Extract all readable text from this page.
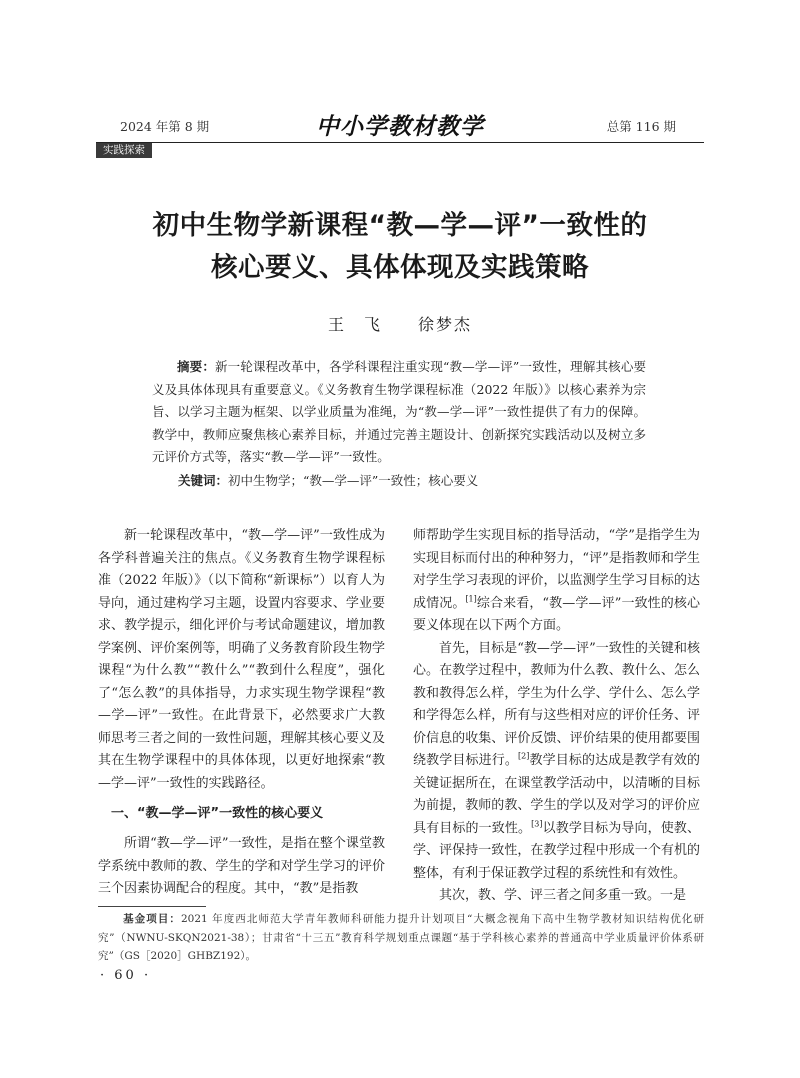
2024 年第 8 期	中小学教材教学	总第 116 期
实践探索
初中生物学新课程“教—学—评”一致性的
核心要义、具体体现及实践策略
王　飞　　徐梦杰

摘要：新一轮课程改革中，各学科课程注重实现“教—学—评”一致性，理解其核心要义及具体体现具有重要意义。《义务教育生物学课程标准（2022 年版）》以核心素养为宗旨、以学习主题为框架、以学业质量为准绳，为“教—学—评”一致性提供了有力的保障。教学中，教师应聚焦核心素养目标，并通过完善主题设计、创新探究实践活动以及树立多元评价方式等，落实“教—学—评”一致性。

关键词：初中生物学；“教—学—评”一致性；核心要义

新一轮课程改革中，“教—学—评”一致性成为各学科普遍关注的焦点。《义务教育生物学课程标准（2022 年版）》（以下简称“新课标”）以育人为导向，通过建构学习主题，设置内容要求、学业要求、教学提示，细化评价与考试命题建议，增加教学案例、评价案例等，明确了义务教育阶段生物学课程“为什么教”“教什么”“教到什么程度”，强化了“怎么教”的具体指导，力求实现生物学课程“教—学—评”一致性。在此背景下，必然要求广大教师思考三者之间的一致性问题，理解其核心要义及其在生物学课程中的具体体现，以更好地探索“教—学—评”一致性的实践路径。

一、“教—学—评”一致性的核心要义

所谓“教—学—评”一致性，是指在整个课堂教学系统中教师的教、学生的学和对学生学习的评价三个因素协调配合的程度。其中，“教”是指教

师帮助学生实现目标的指导活动，“学”是指学生为实现目标而付出的种种努力，“评”是指教师和学生对学生学习表现的评价，以监测学生学习目标的达成情况。[1]综合来看，“教—学—评”一致性的核心要义体现在以下两个方面。

首先，目标是“教—学—评”一致性的关键和核心。在教学过程中，教师为什么教、教什么、怎么教和教得怎么样，学生为什么学、学什么、怎么学和学得怎么样，所有与这些相对应的评价任务、评价信息的收集、评价反馈、评价结果的使用都要围绕教学目标进行。[2]教学目标的达成是教学有效的关键证据所在，在课堂教学活动中，以清晰的目标为前提，教师的教、学生的学以及对学习的评价应具有目标的一致性。[3]以教学目标为导向，使教、学、评保持一致性，在教学过程中形成一个有机的整体，有利于保证教学过程的系统性和有效性。

其次，教、学、评三者之间多重一致。一是

基金项目：2021 年度西北师范大学青年教师科研能力提升计划项目“大概念视角下高中生物学教材知识结构优化研究”（NWNU-SKQN2021-38）；甘肃省“十三五”教育科学规划重点课题“基于学科核心素养的普通高中学业质量评价体系研究”（GS［2020］GHBZ192）。
· 60 ·
